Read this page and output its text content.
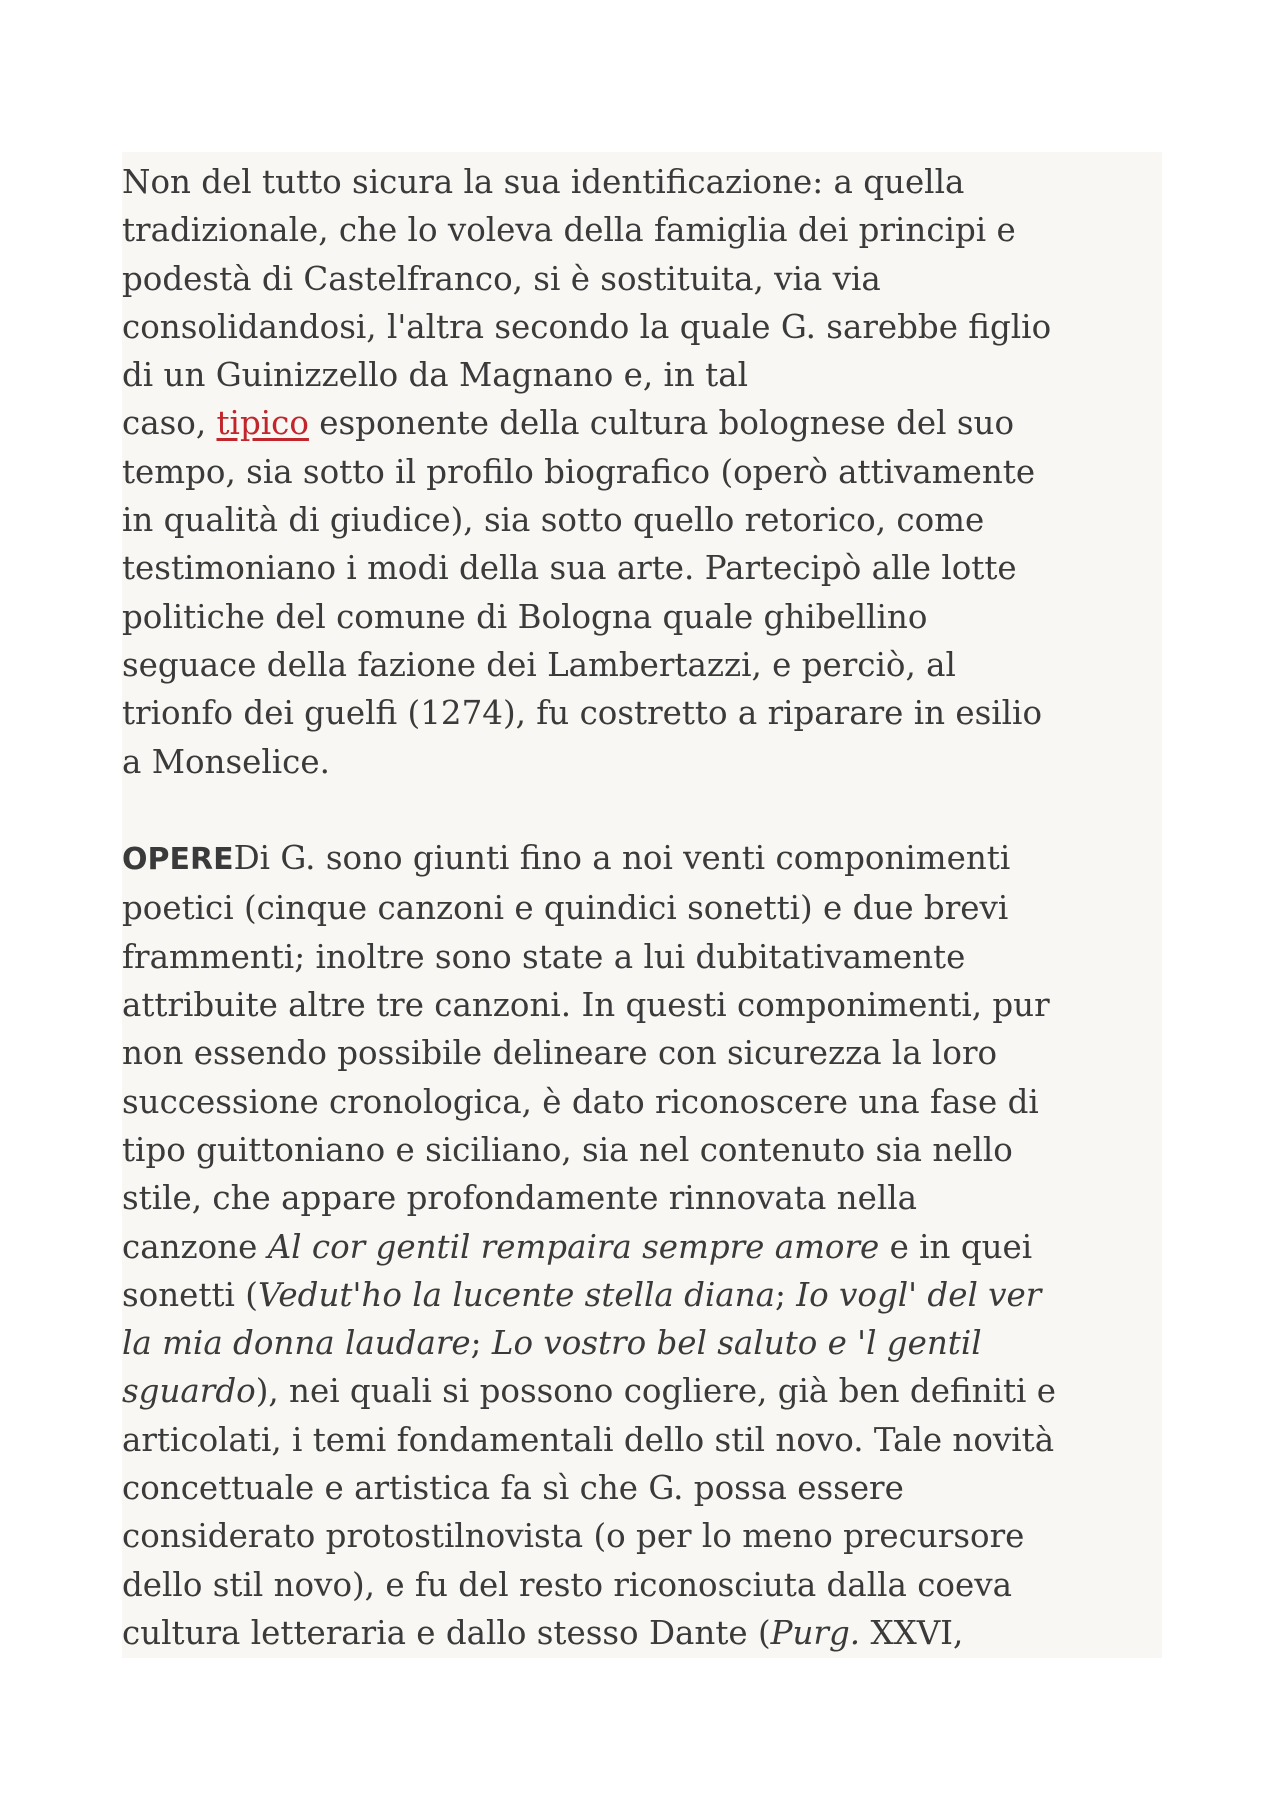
Non del tutto sicura la sua identificazione: a quella
tradizionale, che lo voleva della famiglia dei principi e
podestà di Castelfranco, si è sostituita, via via
consolidandosi, l'altra secondo la quale G. sarebbe figlio
di un Guinizzello da Magnano e, in tal
caso, tipico esponente della cultura bolognese del suo
tempo, sia sotto il profilo biografico (operò attivamente
in qualità di giudice), sia sotto quello retorico, come
testimoniano i modi della sua arte. Partecipò alle lotte
politiche del comune di Bologna quale ghibellino
seguace della fazione dei Lambertazzi, e perciò, al
trionfo dei guelfi (1274), fu costretto a riparare in esilio
a Monselice.
OPEREDi G. sono giunti fino a noi venti componimenti
poetici (cinque canzoni e quindici sonetti) e due brevi
frammenti; inoltre sono state a lui dubitativamente
attribuite altre tre canzoni. In questi componimenti, pur
non essendo possibile delineare con sicurezza la loro
successione cronologica, è dato riconoscere una fase di
tipo guittoniano e siciliano, sia nel contenuto sia nello
stile, che appare profondamente rinnovata nella
canzone Al cor gentil rempaira sempre amore e in quei
sonetti (Vedut'ho la lucente stella diana; Io vogl' del ver
la mia donna laudare; Lo vostro bel saluto e 'l gentil
sguardo), nei quali si possono cogliere, già ben definiti e
articolati, i temi fondamentali dello stil novo. Tale novità
concettuale e artistica fa sì che G. possa essere
considerato protostilnovista (o per lo meno precursore
dello stil novo), e fu del resto riconosciuta dalla coeva
cultura letteraria e dallo stesso Dante (Purg. XXVI,
